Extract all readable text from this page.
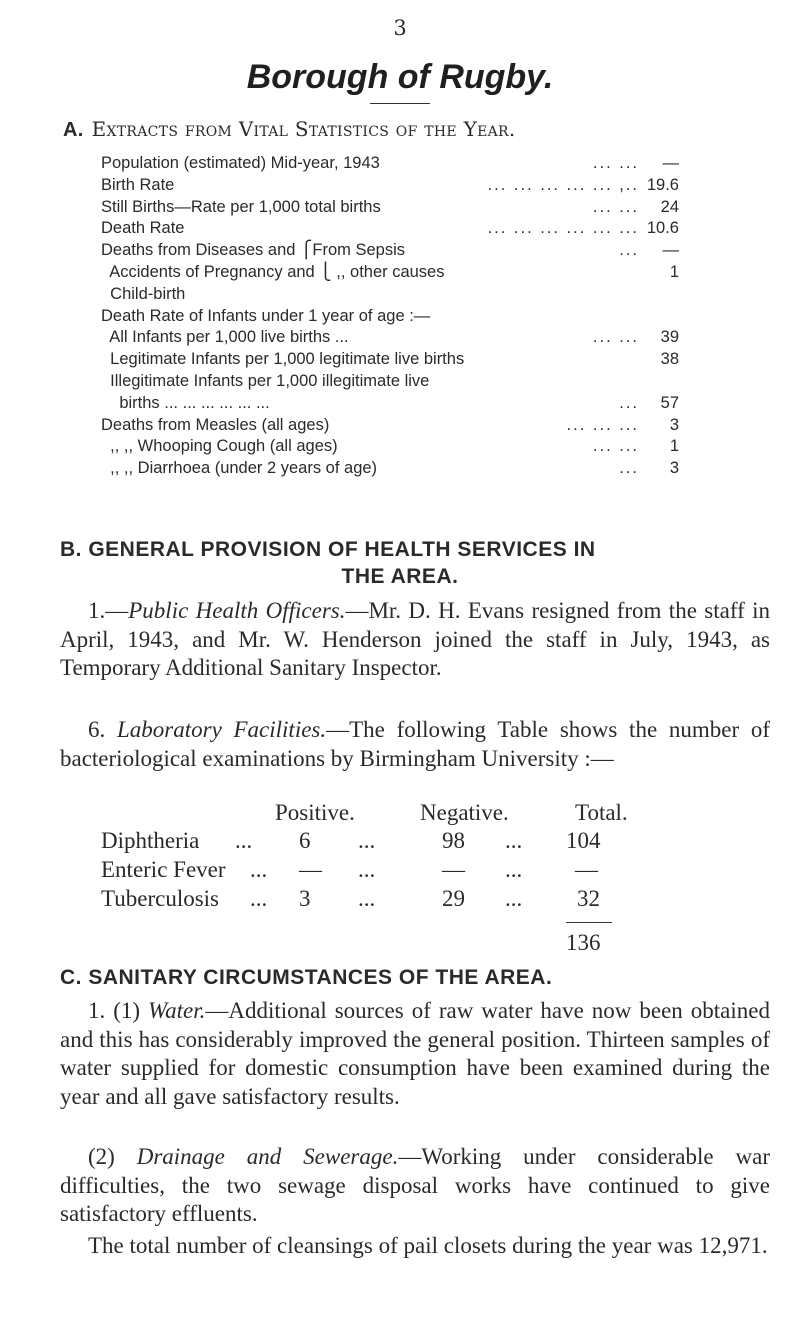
3
Borough of Rugby.
A. Extracts from Vital Statistics of the Year.
Population (estimated) Mid-year, 1943	... ... —
Birth Rate	... ... ... ... ... ,.. 19.6
Still Births—Rate per 1,000 total births	... ... 24
Death Rate	... ... ... ... ... ... 10.6
Deaths from Diseases and ⎧From Sepsis	... —
Accidents of Pregnancy and ⎩ ,, other causes	1
Child-birth
Death Rate of Infants under 1 year of age :—
All Infants per 1,000 live births ...	... ... 39
Legitimate Infants per 1,000 legitimate live births	38
Illegitimate Infants per 1,000 illegitimate live
births ... ... ... ... ... ...	... 57
Deaths from Measles (all ages)	... ... ... 3
,, ,, Whooping Cough (all ages)	... ... 1
,, ,, Diarrhoea (under 2 years of age)	... 3
B. GENERAL PROVISION OF HEALTH SERVICES IN
THE AREA.
1.—Public Health Officers.—Mr. D. H. Evans resigned from the staff in April, 1943, and Mr. W. Henderson joined the staff in July, 1943, as Temporary Additional Sanitary Inspector.
6. Laboratory Facilities.—The following Table shows the number of bacteriological examinations by Birmingham University :—
Positive.	Negative.	Total.
Diphtheria ... 6 ...	98 ... 104
Enteric Fever ... — ...	— ... —
Tuberculosis ... 3 ...	29 ... 32
136
C. SANITARY CIRCUMSTANCES OF THE AREA.
1. (1) Water.—Additional sources of raw water have now been obtained and this has considerably improved the general position. Thirteen samples of water supplied for domestic consumption have been examined during the year and all gave satisfactory results.
(2) Drainage and Sewerage.—Working under considerable war difficulties, the two sewage disposal works have continued to give satisfactory effluents.
The total number of cleansings of pail closets during the year was 12,971.
